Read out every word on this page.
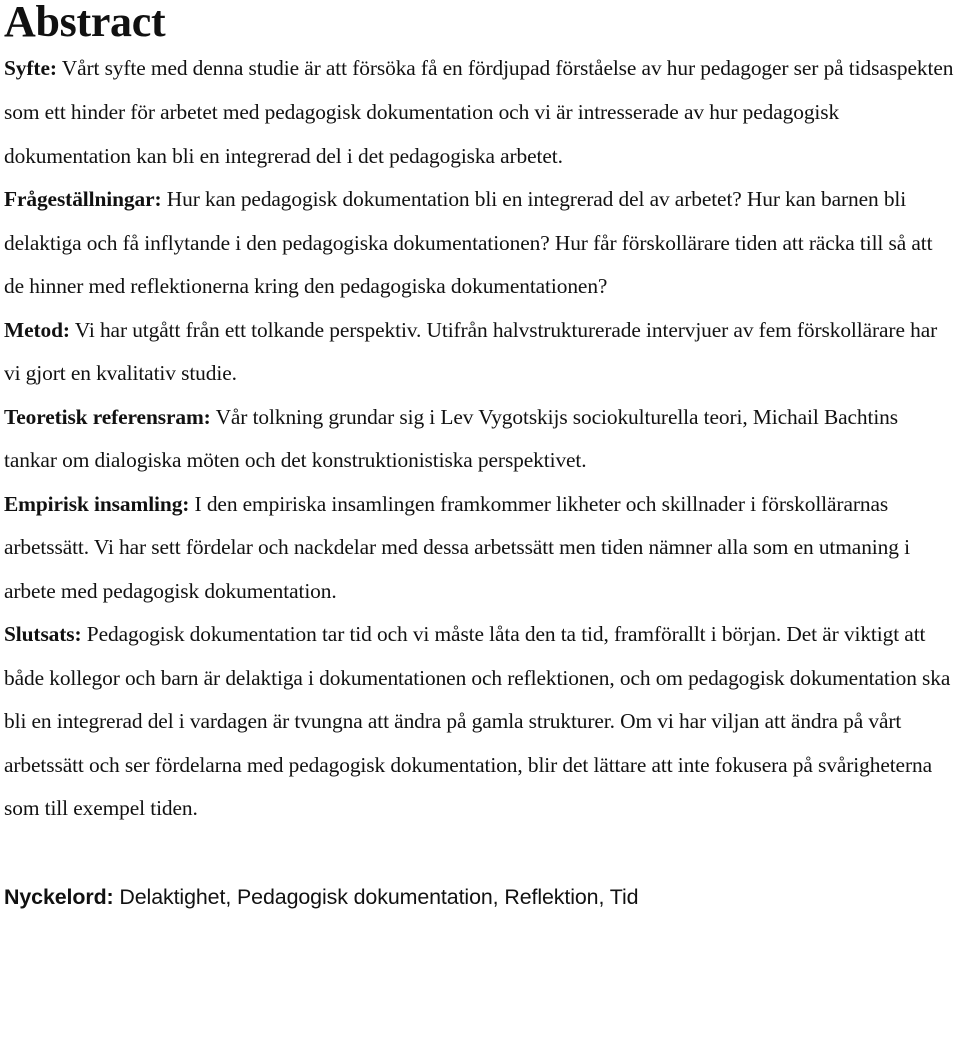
Abstract

Syfte: Vårt syfte med denna studie är att försöka få en fördjupad förståelse av hur pedagoger ser på tidsaspekten som ett hinder för arbetet med pedagogisk dokumentation och vi är intresserade av hur pedagogisk dokumentation kan bli en integrerad del i det pedagogiska arbetet.

Frågeställningar: Hur kan pedagogisk dokumentation bli en integrerad del av arbetet? Hur kan barnen bli delaktiga och få inflytande i den pedagogiska dokumentationen? Hur får förskollärare tiden att räcka till så att de hinner med reflektionerna kring den pedagogiska dokumentationen?

Metod: Vi har utgått från ett tolkande perspektiv. Utifrån halvstrukturerade intervjuer av fem förskollärare har vi gjort en kvalitativ studie.

Teoretisk referensram: Vår tolkning grundar sig i Lev Vygotskijs sociokulturella teori, Michail Bachtins tankar om dialogiska möten och det konstruktionistiska perspektivet.

Empirisk insamling: I den empiriska insamlingen framkommer likheter och skillnader i förskollärarnas arbetssätt. Vi har sett fördelar och nackdelar med dessa arbetssätt men tiden nämner alla som en utmaning i arbete med pedagogisk dokumentation.

Slutsats: Pedagogisk dokumentation tar tid och vi måste låta den ta tid, framförallt i början. Det är viktigt att både kollegor och barn är delaktiga i dokumentationen och reflektionen, och om pedagogisk dokumentation ska bli en integrerad del i vardagen är tvungna att ändra på gamla strukturer. Om vi har viljan att ändra på vårt arbetssätt och ser fördelarna med pedagogisk dokumentation, blir det lättare att inte fokusera på svårigheterna som till exempel tiden.

Nyckelord: Delaktighet, Pedagogisk dokumentation, Reflektion, Tid
